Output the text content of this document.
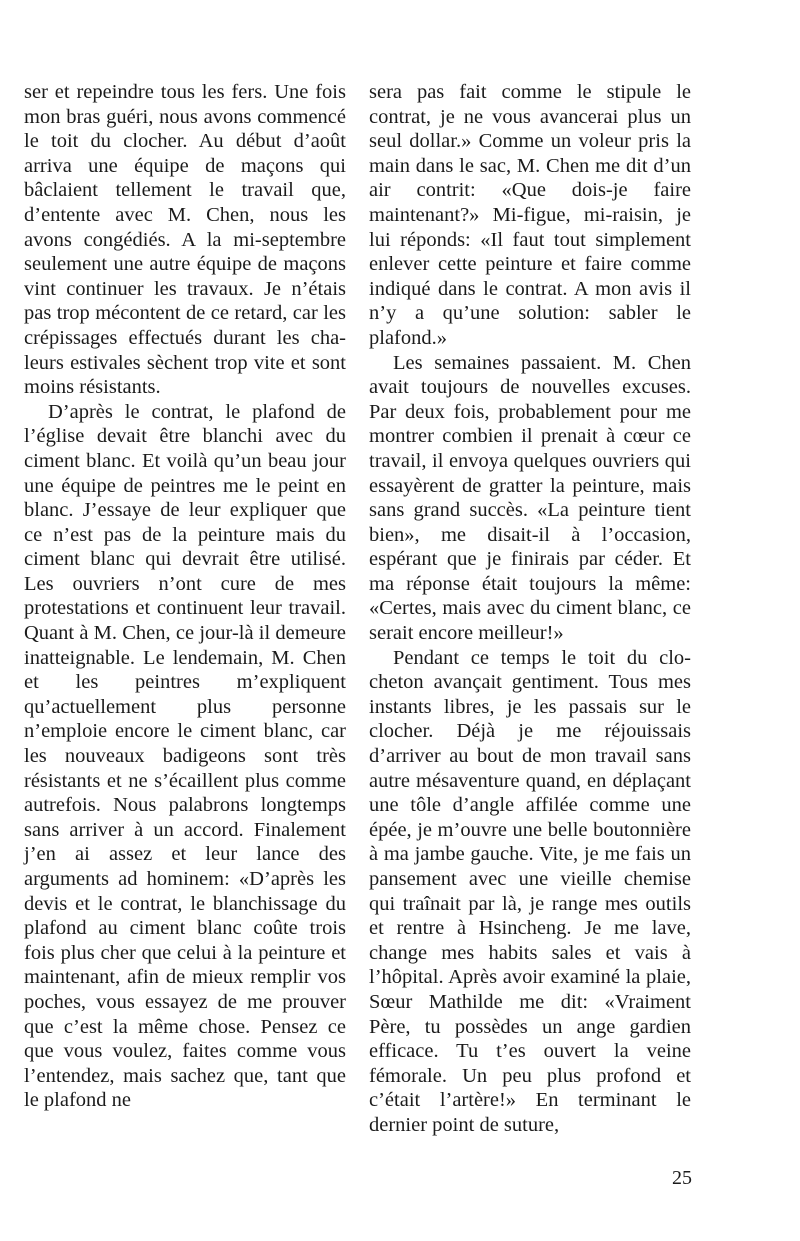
ser et repeindre tous les fers. Une fois mon bras guéri, nous avons commencé le toit du clocher. Au début d’août arriva une équipe de maçons qui bâclaient tellement le travail que, d’entente avec M. Chen, nous les avons congédiés. A la mi-septembre seulement une autre équipe de maçons vint continuer les travaux. Je n’étais pas trop mécontent de ce retard, car les crépissages effectués durant les chaleurs estivales sèchent trop vite et sont moins résistants.

D’après le contrat, le plafond de l’église devait être blanchi avec du ciment blanc. Et voilà qu’un beau jour une équipe de peintres me le peint en blanc. J’essaye de leur expliquer que ce n’est pas de la peinture mais du ciment blanc qui devrait être utilisé. Les ouvriers n’ont cure de mes protestations et continuent leur travail. Quant à M. Chen, ce jour-là il demeure inatteignable. Le lendemain, M. Chen et les peintres m’expliquent qu’actuellement plus personne n’emploie encore le ciment blanc, car les nouveaux badigeons sont très résistants et ne s’écaillent plus comme autrefois. Nous palabrons longtemps sans arriver à un accord. Finalement j’en ai assez et leur lance des arguments ad hominem: «D’après les devis et le contrat, le blanchissage du plafond au ciment blanc coûte trois fois plus cher que celui à la peinture et maintenant, afin de mieux remplir vos poches, vous essayez de me prouver que c’est la même chose. Pensez ce que vous voulez, faites comme vous l’entendez, mais sachez que, tant que le plafond ne

sera pas fait comme le stipule le contrat, je ne vous avancerai plus un seul dollar.» Comme un voleur pris la main dans le sac, M. Chen me dit d’un air contrit: «Que dois-je faire maintenant?» Mi-figue, mi-raisin, je lui réponds: «Il faut tout simplement enlever cette peinture et faire comme indiqué dans le contrat. A mon avis il n’y a qu’une solution: sabler le plafond.»

Les semaines passaient. M. Chen avait toujours de nouvelles excuses. Par deux fois, probablement pour me montrer combien il prenait à cœur ce travail, il envoya quelques ouvriers qui essayèrent de gratter la peinture, mais sans grand succès. «La peinture tient bien», me disait-il à l’occasion, espérant que je finirais par céder. Et ma réponse était toujours la même: «Certes, mais avec du ciment blanc, ce serait encore meilleur!»

Pendant ce temps le toit du clocheton avançait gentiment. Tous mes instants libres, je les passais sur le clocher. Déjà je me réjouissais d’arriver au bout de mon travail sans autre mésaventure quand, en déplaçant une tôle d’angle affilée comme une épée, je m’ouvre une belle boutonnière à ma jambe gauche. Vite, je me fais un pansement avec une vieille chemise qui traînait par là, je range mes outils et rentre à Hsincheng. Je me lave, change mes habits sales et vais à l’hôpital. Après avoir examiné la plaie, Sœur Mathilde me dit: «Vraiment Père, tu possèdes un ange gardien efficace. Tu t’es ouvert la veine fémorale. Un peu plus profond et c’était l’artère!» En terminant le dernier point de suture,

25
